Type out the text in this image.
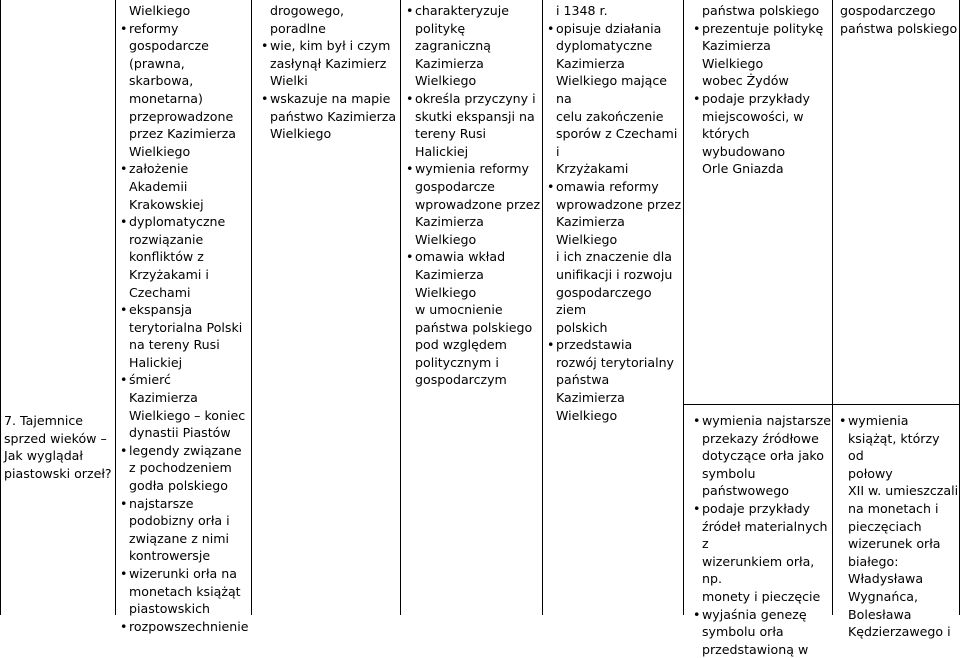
7. Tajemnice sprzed wieków – Jak wyglądał piastowski orzeł?
Wielkiego
• reformy
gospodarcze
(prawna,
skarbowa,
monetarna)
przeprowadzone
przez Kazimierza
Wielkiego
• założenie
Akademii
Krakowskiej
• dyplomatyczne
rozwiązanie
konfliktów z
Krzyżakami i
Czechami
• ekspansja
terytorialna Polski
na tereny Rusi
Halickiej
• śmierć
Kazimierza
Wielkiego – koniec
dynastii Piastów
• legendy związane
z pochodzeniem
godła polskiego
• najstarsze
podobizny orła i
związane z nimi
kontrowersje
• wizerunki orła na
monetach książąt
piastowskich
• rozpowszechnienie
drogowego, poradlne
• wie, kim był i czym
zasłynął Kazimierz
Wielki
• wskazuje na mapie
państwo Kazimierza
Wielkiego
• charakteryzuje
politykę zagraniczną
Kazimierza
Wielkiego
• określa przyczyny i
skutki ekspansji na
tereny Rusi Halickiej
• wymienia reformy
gospodarcze
wprowadzone przez
Kazimierza
Wielkiego
• omawia wkład
Kazimierza
Wielkiego
w umocnienie
państwa polskiego
pod względem
politycznym i
gospodarczym
i 1348 r.
• opisuje działania
dyplomatyczne
Kazimierza
Wielkiego mające na
celu zakończenie
sporów z Czechami i
Krzyżakami
• omawia reformy
wprowadzone przez
Kazimierza
Wielkiego
i ich znaczenie dla
unifikacji i rozwoju
gospodarczego ziem
polskich
• przedstawia
rozwój terytorialny
państwa Kazimierza
Wielkiego
państwa polskiego
• prezentuje politykę
Kazimierza Wielkiego
wobec Żydów
• podaje przykłady
miejscowości, w
których wybudowano
Orle Gniazda
gospodarczego
państwa polskiego
• wymienia najstarsze
przekazy źródłowe
dotyczące orła jako
symbolu
państwowego
• podaje przykłady
źródeł materialnych z
wizerunkiem orła, np.
monety i pieczęcie
• wyjaśnia genezę
symbolu orła
przedstawioną w
• wymienia
książąt, którzy od
połowy
XII w. umieszczali
na monetach i
pieczęciach
wizerunek orła
białego:
Władysława
Wygnańca,
Bolesława
Kędzierzawego i
